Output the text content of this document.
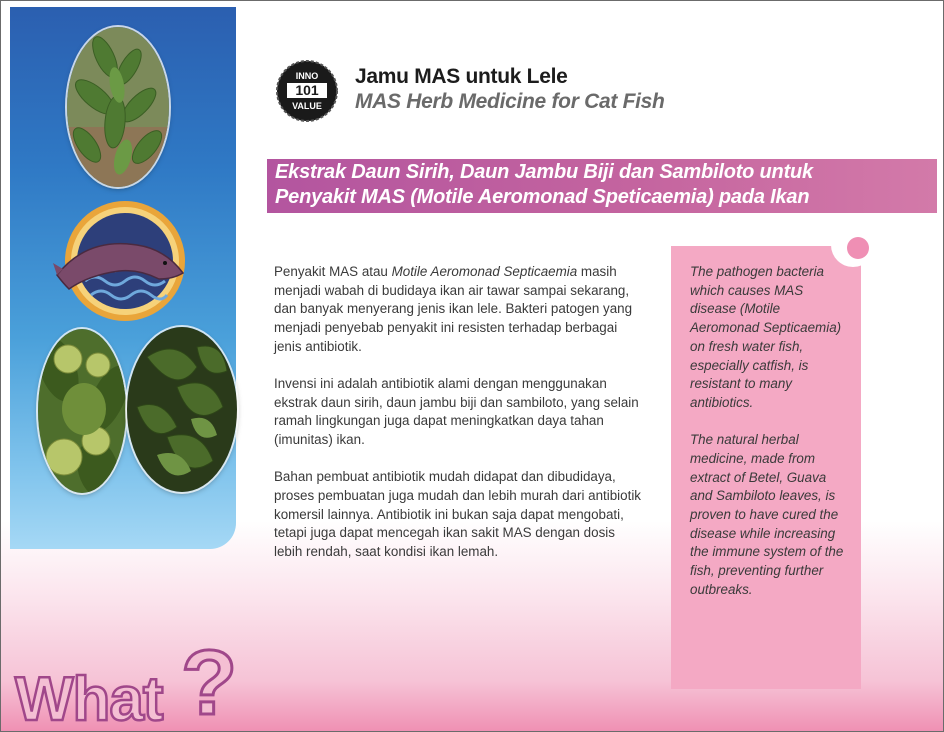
INNO
101
VALUE
Jamu MAS untuk Lele
MAS Herb Medicine for Cat Fish
Ekstrak Daun Sirih, Daun Jambu Biji dan Sambiloto untuk
Penyakit MAS (Motile Aeromonad Speticaemia) pada Ikan

Penyakit MAS atau Motile Aeromonad Septicaemia masih menjadi wabah di budidaya ikan air tawar sampai sekarang, dan banyak menyerang jenis ikan lele. Bakteri patogen yang menjadi penyebab penyakit ini resisten terhadap berbagai jenis antibiotik.

Invensi ini adalah antibiotik alami dengan menggunakan ekstrak daun sirih, daun jambu biji dan sambiloto, yang selain ramah lingkungan juga dapat meningkatkan daya tahan (imunitas) ikan.

Bahan pembuat antibiotik mudah didapat dan dibudidaya, proses pembuatan juga mudah dan lebih murah dari antibiotik komersil lainnya. Antibiotik ini bukan saja dapat mengobati, tetapi juga dapat mencegah ikan sakit MAS dengan dosis lebih rendah, saat kondisi ikan lemah.

The pathogen bacteria which causes MAS disease (Motile Aeromonad Septicaemia) on fresh water fish, especially catfish, is resistant to many antibiotics.

The natural herbal medicine, made from extract of Betel, Guava and Sambiloto leaves, is proven to have cured the disease while increasing the immune system of the fish, preventing further outbreaks.

What ?
